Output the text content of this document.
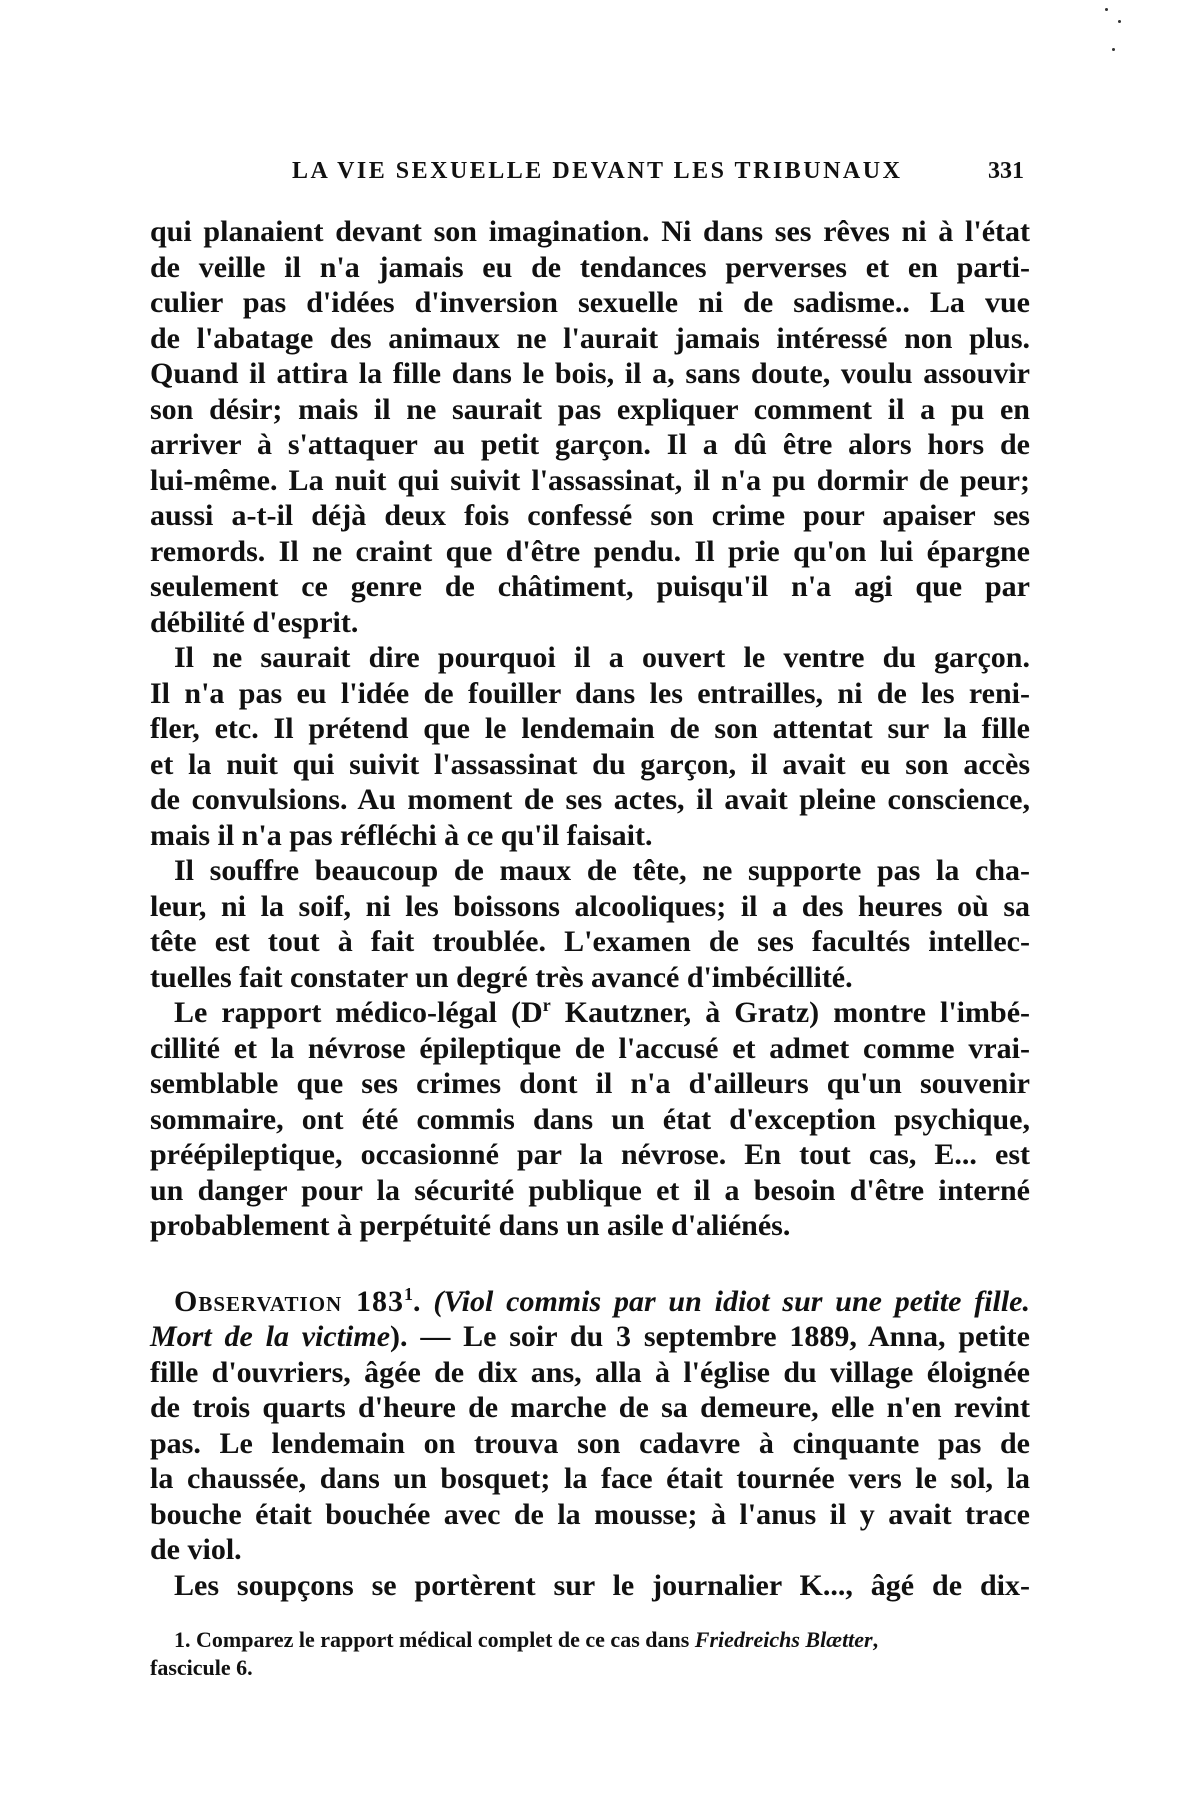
LA VIE SEXUELLE DEVANT LES TRIBUNAUX	331
qui planaient devant son imagination. Ni dans ses rêves ni à l'état
de veille il n'a jamais eu de tendances perverses et en parti-
culier pas d'idées d'inversion sexuelle ni de sadisme.. La vue
de l'abatage des animaux ne l'aurait jamais intéressé non plus.
Quand il attira la fille dans le bois, il a, sans doute, voulu assouvir
son désir; mais il ne saurait pas expliquer comment il a pu en
arriver à s'attaquer au petit garçon. Il a dû être alors hors de
lui-même. La nuit qui suivit l'assassinat, il n'a pu dormir de peur;
aussi a-t-il déjà deux fois confessé son crime pour apaiser ses
remords. Il ne craint que d'être pendu. Il prie qu'on lui épargne
seulement ce genre de châtiment, puisqu'il n'a agi que par
débilité d'esprit.
Il ne saurait dire pourquoi il a ouvert le ventre du garçon.
Il n'a pas eu l'idée de fouiller dans les entrailles, ni de les reni-
fler, etc. Il prétend que le lendemain de son attentat sur la fille
et la nuit qui suivit l'assassinat du garçon, il avait eu son accès
de convulsions. Au moment de ses actes, il avait pleine conscience,
mais il n'a pas réfléchi à ce qu'il faisait.
Il souffre beaucoup de maux de tête, ne supporte pas la cha-
leur, ni la soif, ni les boissons alcooliques; il a des heures où sa
tête est tout à fait troublée. L'examen de ses facultés intellec-
tuelles fait constater un degré très avancé d'imbécillité.
Le rapport médico-légal ($D^r$ Kautzner, à Gratz) montre l'imbé-
cillité et la névrose épileptique de l'accusé et admet comme vrai-
semblable que ses crimes dont il n'a d'ailleurs qu'un souvenir
sommaire, ont été commis dans un état d'exception psychique,
préépileptique, occasionné par la névrose. En tout cas, E... est
un danger pour la sécurité publique et il a besoin d'être interné
probablement à perpétuité dans un asile d'aliénés.
Observation $183^1$. (Viol commis par un idiot sur une petite fille.
Mort de la victime). — Le soir du 3 septembre 1889, Anna, petite
fille d'ouvriers, âgée de dix ans, alla à l'église du village éloignée
de trois quarts d'heure de marche de sa demeure, elle n'en revint
pas. Le lendemain on trouva son cadavre à cinquante pas de
la chaussée, dans un bosquet; la face était tournée vers le sol, la
bouche était bouchée avec de la mousse; à l'anus il y avait trace
de viol.
Les soupçons se portèrent sur le journalier K..., âgé de dix-
1. Comparez le rapport médical complet de ce cas dans Friedreichs Blætter,
fascicule 6.
